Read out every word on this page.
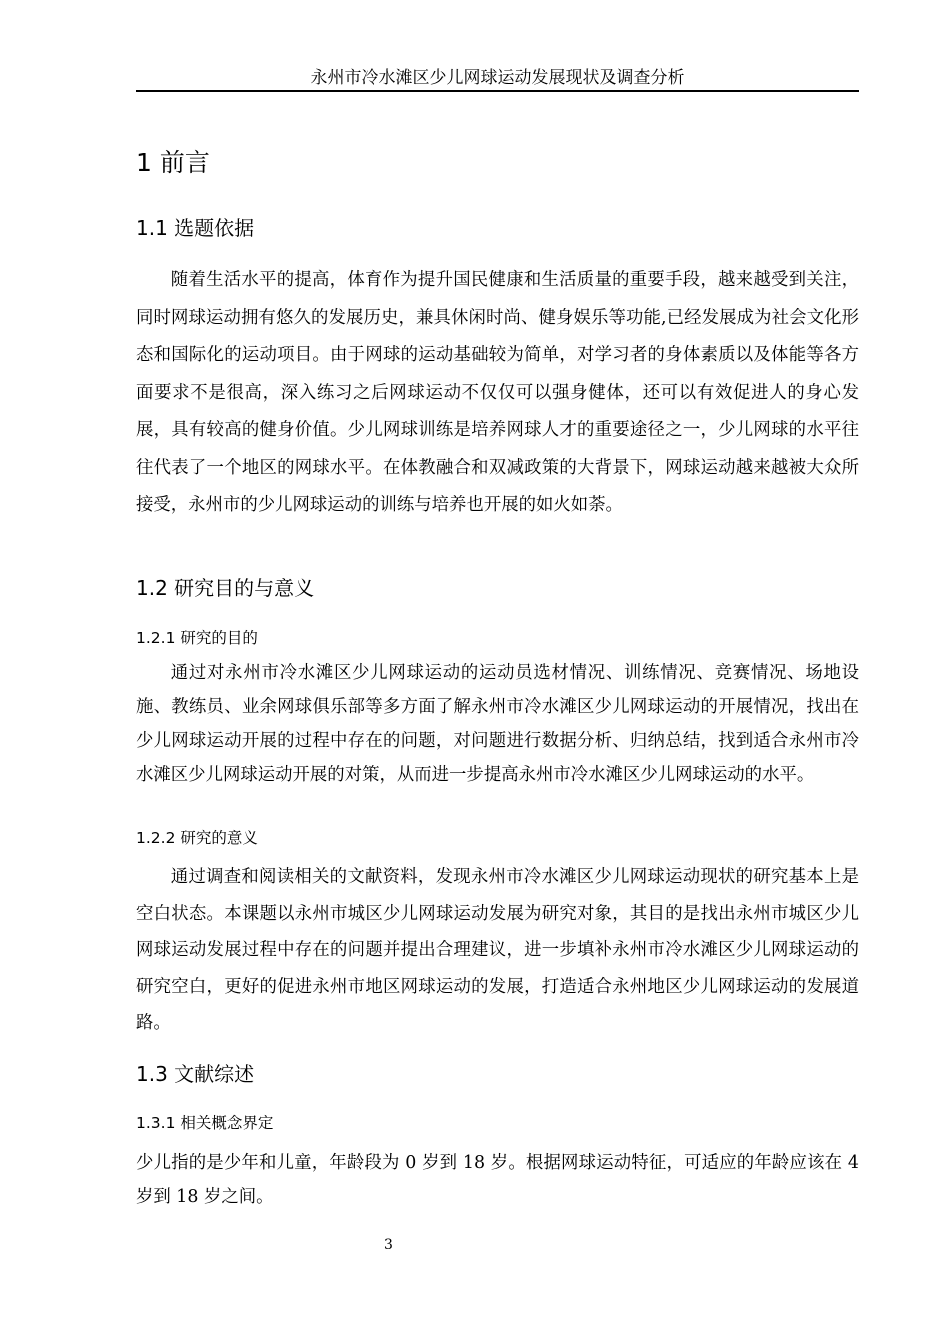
永州市冷水滩区少儿网球运动发展现状及调查分析
1 前言
1.1 选题依据

随着生活水平的提高，体育作为提升国民健康和生活质量的重要手段，越来越受到关注，同时网球运动拥有悠久的发展历史，兼具休闲时尚、健身娱乐等功能,已经发展成为社会文化形态和国际化的运动项目。由于网球的运动基础较为简单，对学习者的身体素质以及体能等各方面要求不是很高，深入练习之后网球运动不仅仅可以强身健体，还可以有效促进人的身心发展，具有较高的健身价值。少儿网球训练是培养网球人才的重要途径之一，少儿网球的水平往往代表了一个地区的网球水平。在体教融合和双减政策的大背景下，网球运动越来越被大众所接受，永州市的少儿网球运动的训练与培养也开展的如火如荼。

1.2 研究目的与意义
1.2.1 研究的目的

通过对永州市冷水滩区少儿网球运动的运动员选材情况、训练情况、竞赛情况、场地设施、教练员、业余网球俱乐部等多方面了解永州市冷水滩区少儿网球运动的开展情况，找出在少儿网球运动开展的过程中存在的问题，对问题进行数据分析、归纳总结，找到适合永州市冷水滩区少儿网球运动开展的对策，从而进一步提高永州市冷水滩区少儿网球运动的水平。

1.2.2 研究的意义

通过调查和阅读相关的文献资料，发现永州市冷水滩区少儿网球运动现状的研究基本上是空白状态。本课题以永州市城区少儿网球运动发展为研究对象，其目的是找出永州市城区少儿网球运动发展过程中存在的问题并提出合理建议，进一步填补永州市冷水滩区少儿网球运动的研究空白，更好的促进永州市地区网球运动的发展，打造适合永州地区少儿网球运动的发展道路。

1.3 文献综述
1.3.1 相关概念界定

少儿指的是少年和儿童，年龄段为 0 岁到 18 岁。根据网球运动特征，可适应的年龄应该在 4 岁到 18 岁之间。

3
